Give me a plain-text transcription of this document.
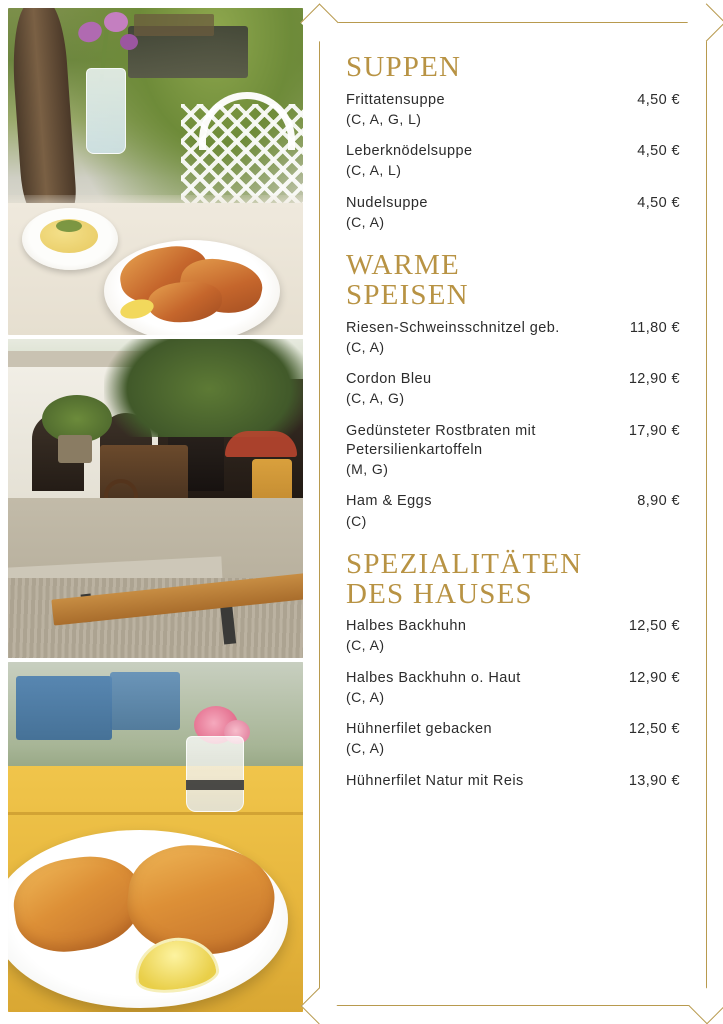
SUPPEN
Frittatensuppe
(C, A, G, L)
4,50 €
Leberknödelsuppe
(C, A, L)
4,50 €
Nudelsuppe
(C, A)
4,50 €
WARME
SPEISEN
Riesen-Schweinsschnitzel geb.
(C, A)
11,80 €
Cordon Bleu
(C, A, G)
12,90 €
Gedünsteter Rostbraten mit Petersilienkartoffeln
(M, G)
17,90 €
Ham & Eggs
(C)
8,90 €
SPEZIALITÄTEN
DES HAUSES
Halbes Backhuhn
(C, A)
12,50 €
Halbes Backhuhn o. Haut
(C, A)
12,90 €
Hühnerfilet gebacken
(C, A)
12,50 €
Hühnerfilet Natur mit Reis	13,90 €
